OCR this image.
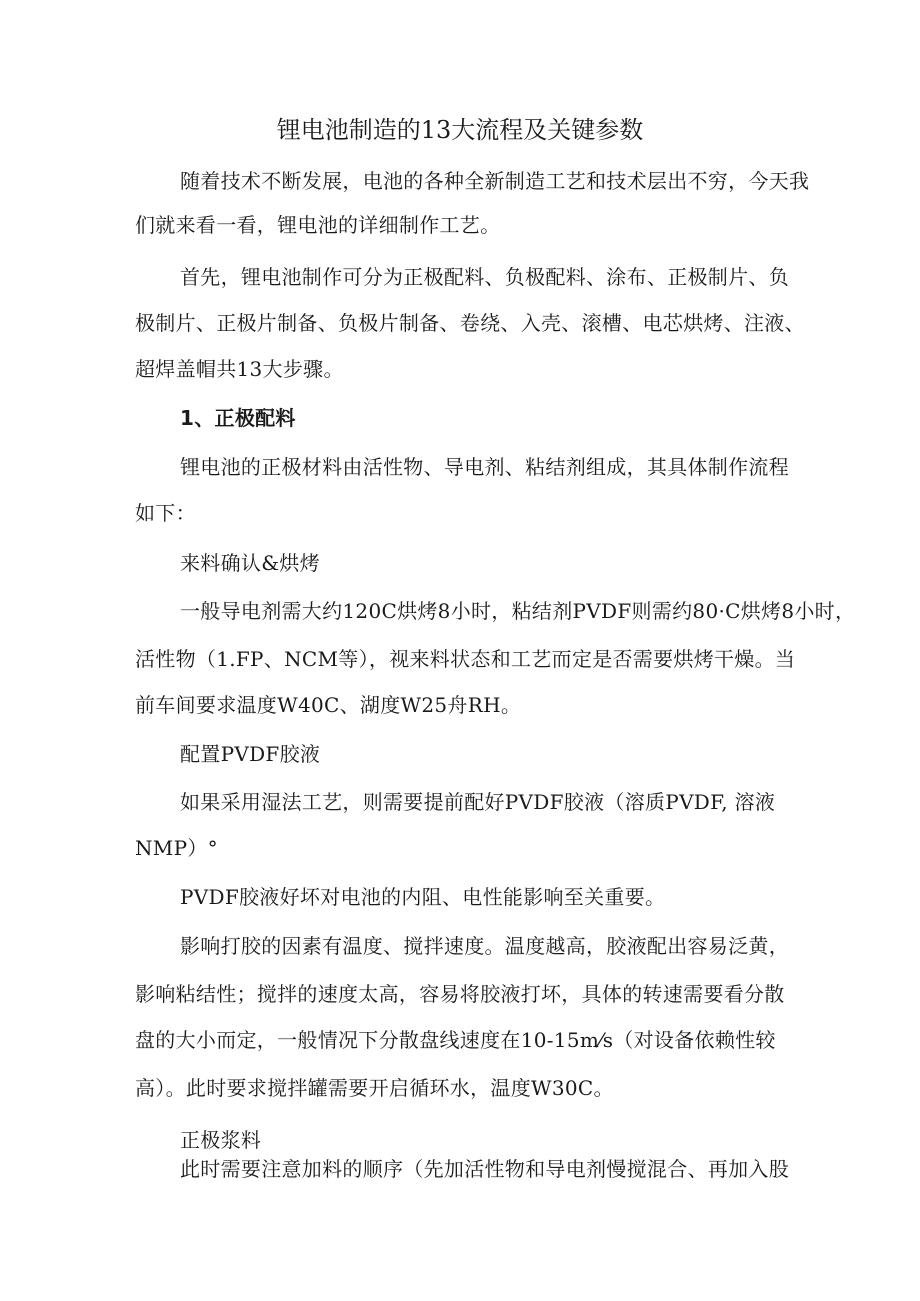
锂电池制造的13大流程及关键参数
随着技术不断发展，电池的各种全新制造工艺和技术层出不穷，今天我
们就来看一看，锂电池的详细制作工艺。
首先，锂电池制作可分为正极配料、负极配料、涂布、正极制片、负
极制片、正极片制备、负极片制备、卷绕、入壳、滚槽、电芯烘烤、注液、
超焊盖帽共13大步骤。
1、正极配料
锂电池的正极材料由活性物、导电剂、粘结剂组成，其具体制作流程
如下：
来料确认&烘烤
一般导电剂需大约120C烘烤8小时，粘结剂PVDF则需约80·C烘烤8小时，
活性物（1.FP、NCM等），视来料状态和工艺而定是否需要烘烤干燥。当
前车间要求温度W40C、湖度W25舟RH。
配置PVDF胶液
如果采用湿法工艺，则需要提前配好PVDF胶液（溶质PVDF, 溶液
NMP）°
PVDF胶液好坏对电池的内阻、电性能影响至关重要。
影响打胶的因素有温度、搅拌速度。温度越高，胶液配出容易泛黄，
影响粘结性；搅拌的速度太高，容易将胶液打坏，具体的转速需要看分散
盘的大小而定，一般情况下分散盘线速度在10-15m⁄s（对设备依赖性较
高）。此时要求搅拌罐需要开启循环水，温度W30C。
正极浆料
此时需要注意加料的顺序（先加活性物和导电剂慢搅混合、再加入股
